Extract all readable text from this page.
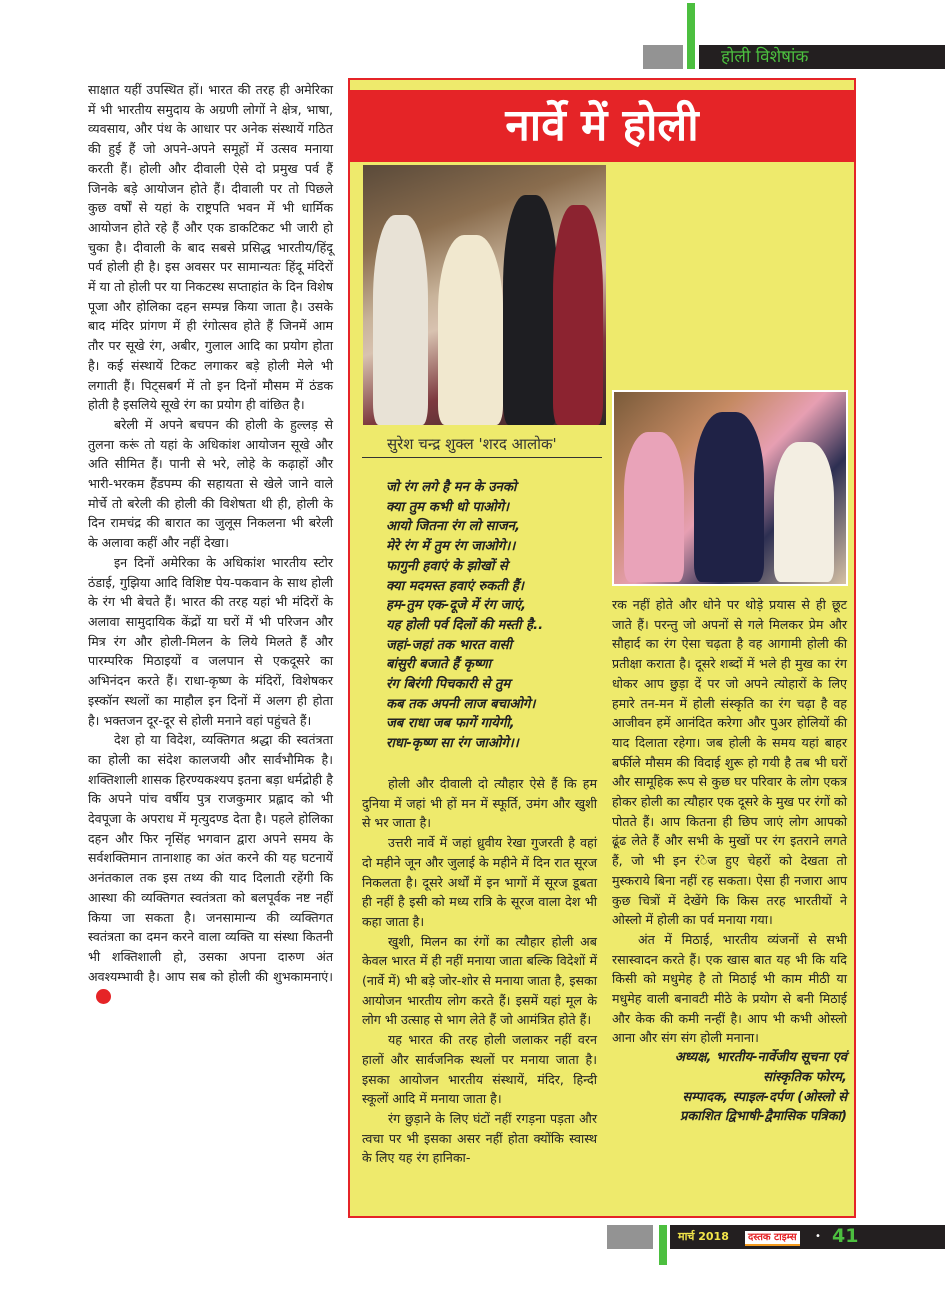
होली विशेषांक

साक्षात यहीं उपस्थित हों। भारत की तरह ही अमेरिका में भी भारतीय समुदाय के अग्रणी लोगों ने क्षेत्र, भाषा, व्यवसाय, और पंथ के आधार पर अनेक संस्थायें गठित की हुई हैं जो अपने-अपने समूहों में उत्सव मनाया करती हैं। होली और दीवाली ऐसे दो प्रमुख पर्व हैं जिनके बड़े आयोजन होते हैं। दीवाली पर तो पिछले कुछ वर्षों से यहां के राष्ट्रपति भवन में भी धार्मिक आयोजन होते रहे हैं और एक डाकटिकट भी जारी हो चुका है। दीवाली के बाद सबसे प्रसिद्ध भारतीय/हिंदू पर्व होली ही है। इस अवसर पर सामान्यतः हिंदू मंदिरों में या तो होली पर या निकटस्थ सप्ताहांत के दिन विशेष पूजा और होलिका दहन सम्पन्न किया जाता है। उसके बाद मंदिर प्रांगण में ही रंगोत्सव होते हैं जिनमें आम तौर पर सूखे रंग, अबीर, गुलाल आदि का प्रयोग होता है। कई संस्थायें टिकट लगाकर बड़े होली मेले भी लगाती हैं। पिट्सबर्ग में तो इन दिनों मौसम में ठंडक होती है इसलिये सूखे रंग का प्रयोग ही वांछित है।

बरेली में अपने बचपन की होली के हुल्लड़ से तुलना करूं तो यहां के अधिकांश आयोजन सूखे और अति सीमित हैं। पानी से भरे, लोहे के कढ़ाहों और भारी-भरकम हैंडपम्प की सहायता से खेले जाने वाले मोर्चे तो बरेली की होली की विशेषता थी ही, होली के दिन रामचंद्र की बारात का जुलूस निकलना भी बरेली के अलावा कहीं और नहीं देखा।

इन दिनों अमेरिका के अधिकांश भारतीय स्टोर ठंडाई, गुझिया आदि विशिष्ट पेय-पकवान के साथ होली के रंग भी बेचते हैं। भारत की तरह यहां भी मंदिरों के अलावा सामुदायिक केंद्रों या घरों में भी परिजन और मित्र रंग और होली-मिलन के लिये मिलते हैं और पारम्परिक मिठाइयों व जलपान से एकदूसरे का अभिनंदन करते हैं। राधा-कृष्ण के मंदिरों, विशेषकर इस्कॉन स्थलों का माहौल इन दिनों में अलग ही होता है। भक्तजन दूर-दूर से होली मनाने वहां पहुंचते हैं।

देश हो या विदेश, व्यक्तिगत श्रद्धा की स्वतंत्रता का होली का संदेश कालजयी और सार्वभौमिक है। शक्तिशाली शासक हिरण्यकश्यप इतना बड़ा धर्मद्रोही है कि अपने पांच वर्षीय पुत्र राजकुमार प्रह्लाद को भी देवपूजा के अपराध में मृत्युदण्ड देता है। पहले होलिका दहन और फिर नृसिंह भगवान द्वारा अपने समय के सर्वशक्तिमान तानाशाह का अंत करने की यह घटनायें अनंतकाल तक इस तथ्य की याद दिलाती रहेंगी कि आस्था की व्यक्तिगत स्वतंत्रता को बलपूर्वक नष्ट नहीं किया जा सकता है। जनसामान्य की व्यक्तिगत स्वतंत्रता का दमन करने वाला व्यक्ति या संस्था कितनी भी शक्तिशाली हो, उसका अपना दारुण अंत अवश्यम्भावी है। आप सब को होली की शुभकामनाएं।

नार्वे में होली
सुरेश चन्द्र शुक्ल 'शरद आलोक'
जो रंग लगे है मन के उनको
क्या तुम कभी धो पाओगे।
आयो जितना रंग लो साजन,
मेरे रंग में तुम रंग जाओगे।।
फागुनी हवाएं के झोखों से
क्या मदमस्त हवाएं रुकती हैं।
हम-तुम एक-दूजे में रंग जाएं,
यह होली पर्व दिलों की मस्ती है..
जहां-जहां तक भारत वासी
बांसुरी बजाते हैं कृष्णा
रंग बिरंगी पिचकारी से तुम
कब तक अपनी लाज बचाओगे।
जब राधा जब फागें गायेगी,
राधा-कृष्ण सा रंग जाओगे।।

होली और दीवाली दो त्यौहार ऐसे हैं कि हम दुनिया में जहां भी हों मन में स्फूर्ति, उमंग और खुशी से भर जाता है।

उत्तरी नार्वे में जहां ध्रुवीय रेखा गुजरती है वहां दो महीने जून और जुलाई के महीने में दिन रात सूरज निकलता है। दूसरे अर्थों में इन भागों में सूरज डूबता ही नहीं है इसी को मध्य रात्रि के सूरज वाला देश भी कहा जाता है।

खुशी, मिलन का रंगों का त्यौहार होली अब केवल भारत में ही नहीं मनाया जाता बल्कि विदेशों में (नार्वे में) भी बड़े जोर-शोर से मनाया जाता है, इसका आयोजन भारतीय लोग करते हैं। इसमें यहां मूल के लोग भी उत्साह से भाग लेते हैं जो आमंत्रित होते हैं।

यह भारत की तरह होली जलाकर नहीं वरन हालों और सार्वजनिक स्थलों पर मनाया जाता है। इसका आयोजन भारतीय संस्थायें, मंदिर, हिन्दी स्कूलों आदि में मनाया जाता है।

रंग छुड़ाने के लिए घंटों नहीं रगड़ना पड़ता और त्वचा पर भी इसका असर नहीं होता क्योंकि स्वास्थ के लिए यह रंग हानिका-

रक नहीं होते और धोने पर थोड़े प्रयास से ही छूट जाते हैं। परन्तु जो अपनों से गले मिलकर प्रेम और सौहार्द का रंग ऐसा चढ़ता है वह आगामी होली की प्रतीक्षा कराता है। दूसरे शब्दों में भले ही मुख का रंग धोकर आप छुड़ा दें पर जो अपने त्योहारों के लिए हमारे तन-मन में होली संस्कृति का रंग चढ़ा है वह आजीवन हमें आनंदित करेगा और पुअर होलियों की याद दिलाता रहेगा। जब होली के समय यहां बाहर बर्फीले मौसम की विदाई शुरू हो गयी है तब भी घरों और सामूहिक रूप से कुछ घर परिवार के लोग एकत्र होकर होली का त्यौहार एक दूसरे के मुख पर रंगों को पोतते हैं। आप कितना ही छिप जाएं लोग आपको ढूंढ लेते हैं और सभी के मुखों पर रंग इतराने लगते हैं, जो भी इन रंेज हुए चेहरों को देखता तो मुस्कराये बिना नहीं रह सकता। ऐसा ही नजारा आप कुछ चित्रों में देखेंगे कि किस तरह भारतीयों ने ओस्लो में होली का पर्व मनाया गया।

अंत में मिठाई, भारतीय व्यंजनों से सभी रसास्वादन करते हैं। एक खास बात यह भी कि यदि किसी को मधुमेह है तो मिठाई भी काम मीठी या मधुमेह वाली बनावटी मीठे के प्रयोग से बनी मिठाई और केक की कमी नन्हीं है। आप भी कभी ओस्लो आना और संग संग होली मनाना।

अध्यक्ष, भारतीय-नार्वेजीय सूचना एवं
सांस्कृतिक फोरम,
सम्पादक, स्पाइल-दर्पण (ओस्लो से
प्रकाशित द्विभाषी-द्वैमासिक पत्रिका)
मार्च 2018	दस्तक टाइम्स	• 41
